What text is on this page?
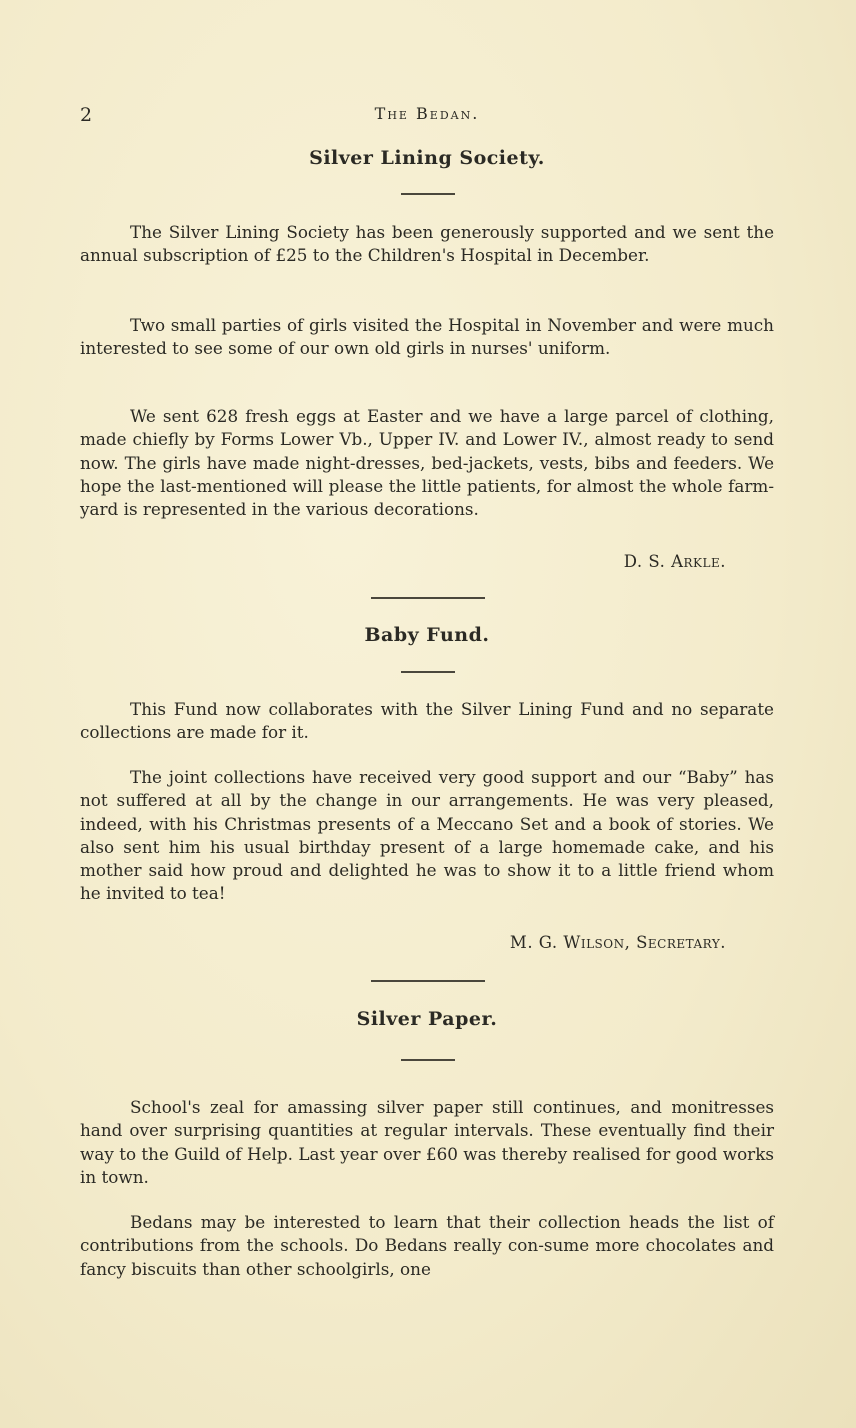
2	The Bedan.
Silver Lining Society.

The Silver Lining Society has been generously supported and we sent the annual subscription of £25 to the Children's Hospital in December.

Two small parties of girls visited the Hospital in November and were much interested to see some of our own old girls in nurses' uniform.

We sent 628 fresh eggs at Easter and we have a large parcel of clothing, made chiefly by Forms Lower Vb., Upper IV. and Lower IV., almost ready to send now. The girls have made night-dresses, bed-jackets, vests, bibs and feeders. We hope the last-mentioned will please the little patients, for almost the whole farm-yard is represented in the various decorations.

D. S. Arkle.
Baby Fund.

This Fund now collaborates with the Silver Lining Fund and no separate collections are made for it.

The joint collections have received very good support and our “Baby” has not suffered at all by the change in our arrangements. He was very pleased, indeed, with his Christmas presents of a Meccano Set and a book of stories. We also sent him his usual birthday present of a large homemade cake, and his mother said how proud and delighted he was to show it to a little friend whom he invited to tea!

M. G. Wilson, Secretary.
Silver Paper.

School's zeal for amassing silver paper still continues, and monitresses hand over surprising quantities at regular intervals. These eventually find their way to the Guild of Help. Last year over £60 was thereby realised for good works in town.

Bedans may be interested to learn that their collection heads the list of contributions from the schools. Do Bedans really con-sume more chocolates and fancy biscuits than other schoolgirls, one
